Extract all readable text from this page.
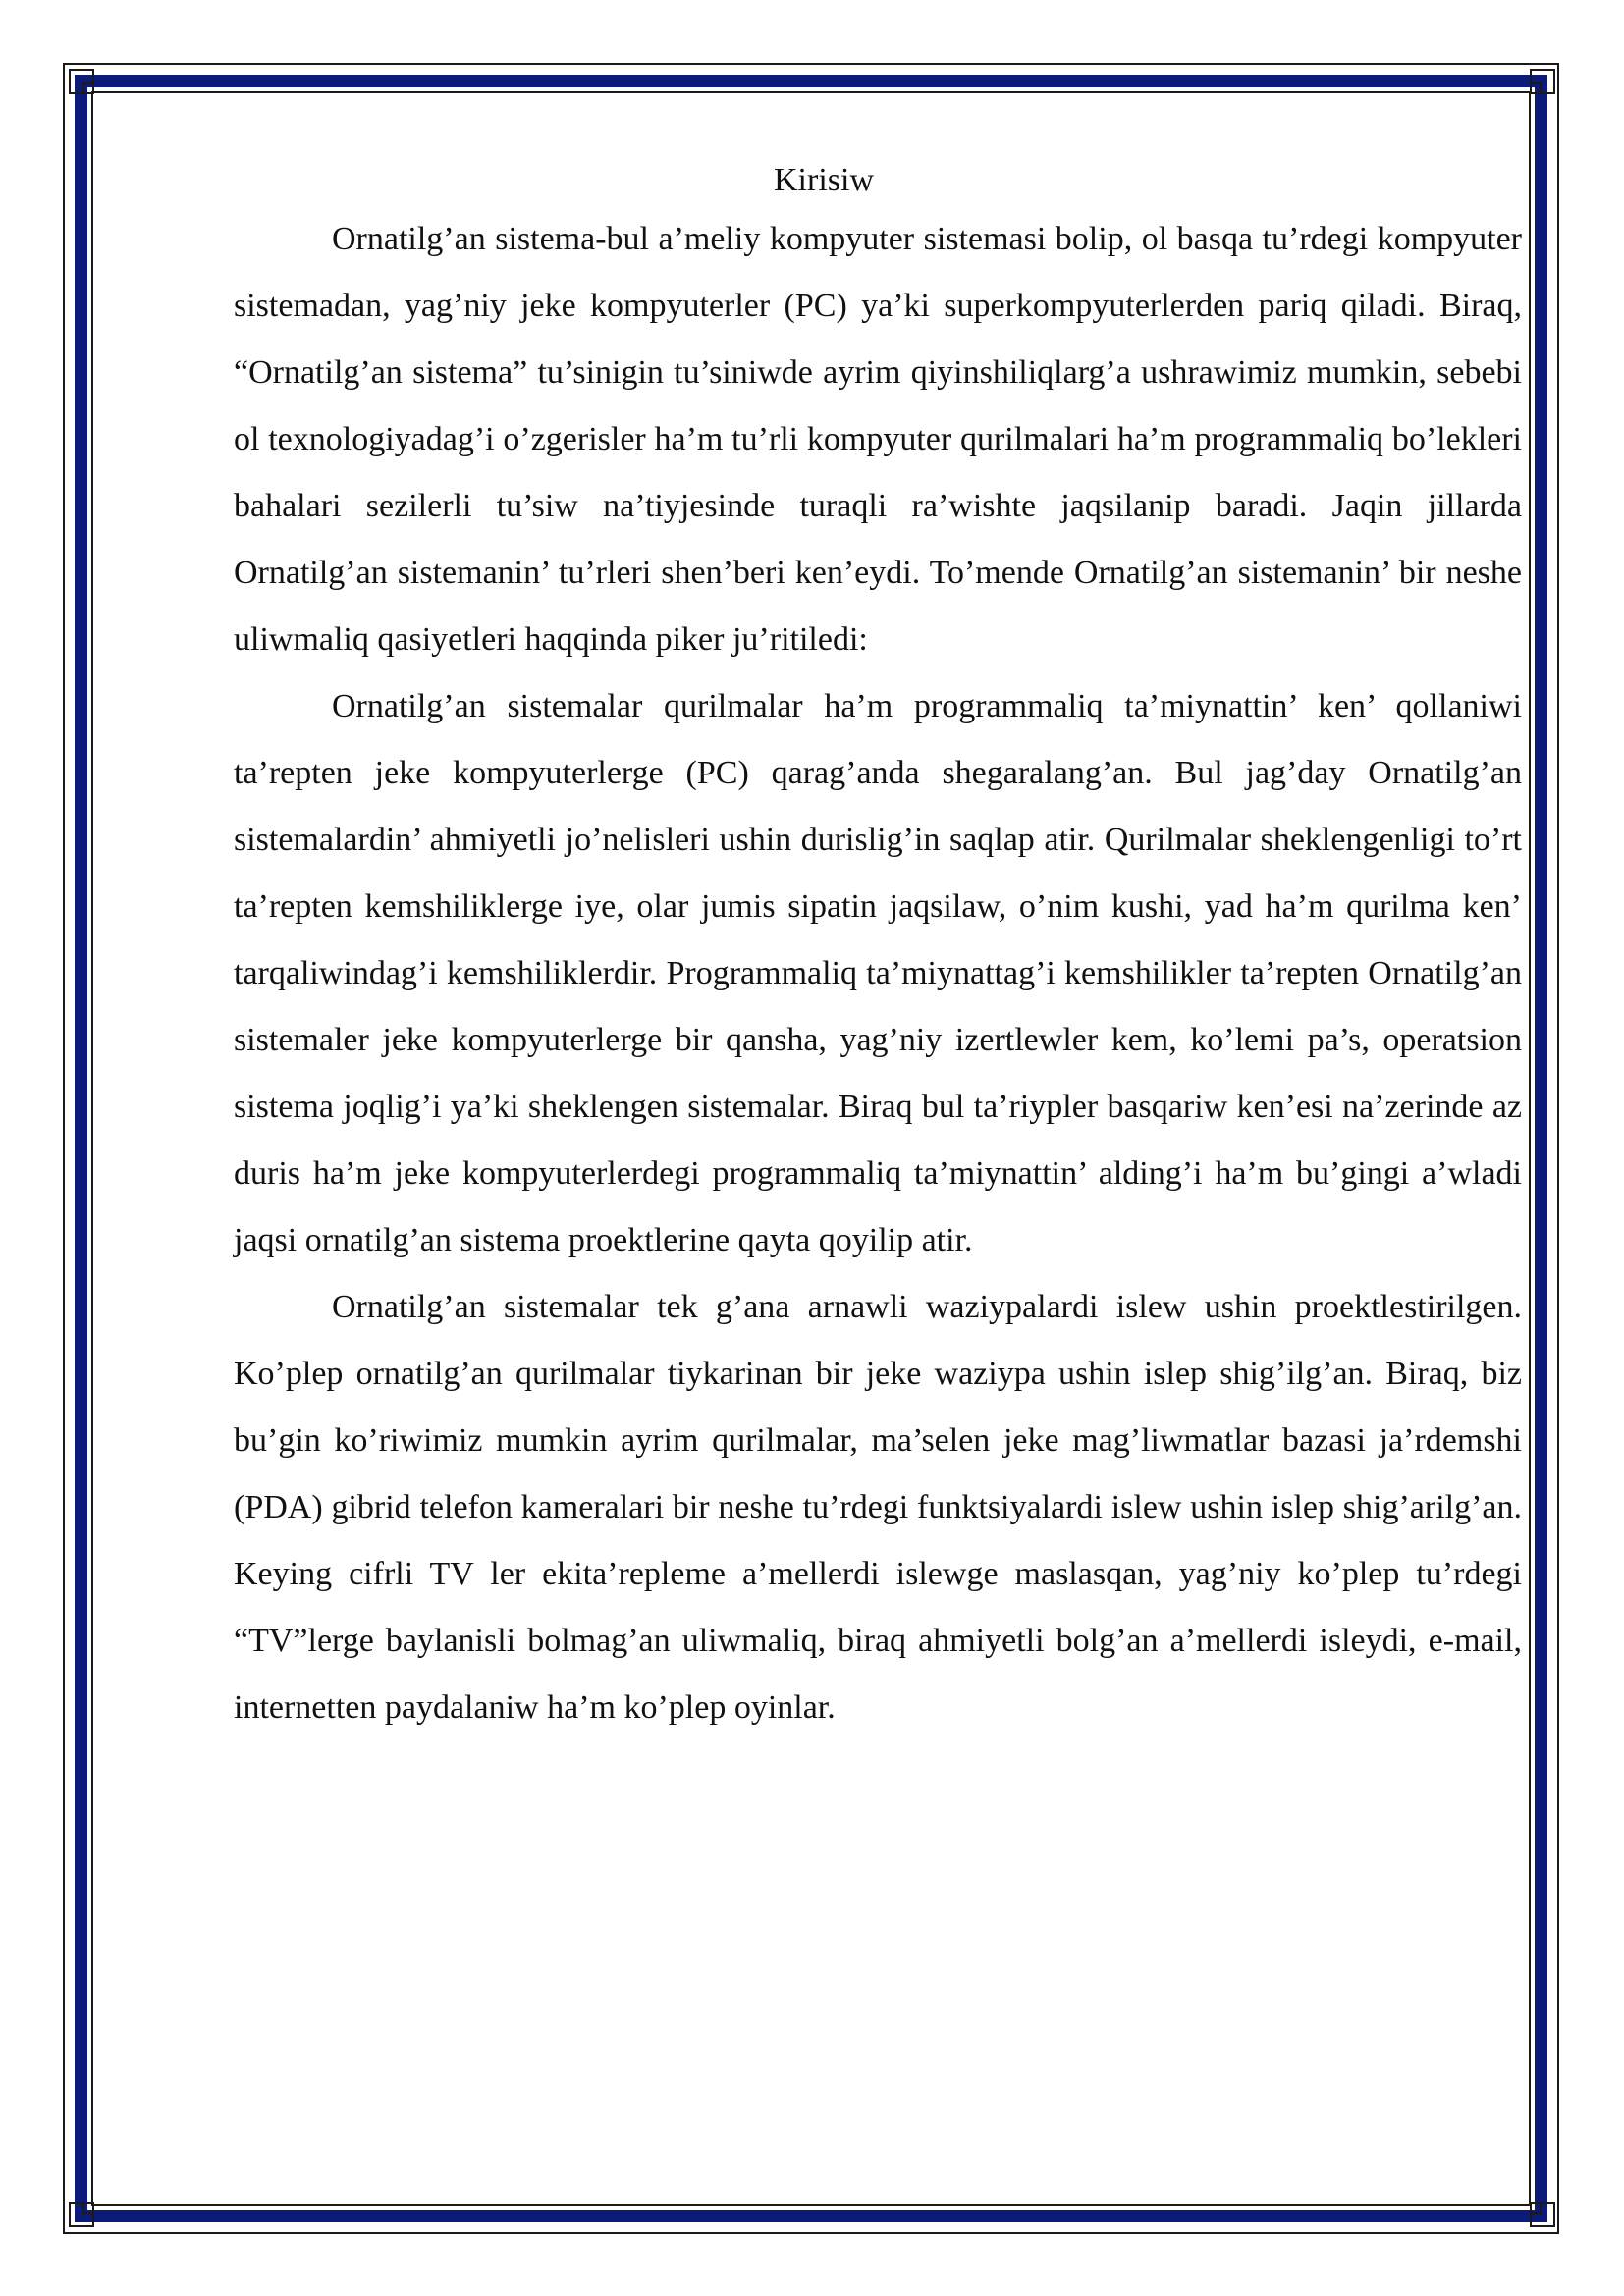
Kirisiw

Ornatilg’an sistema-bul a’meliy kompyuter sistemasi bolip, ol basqa tu’rdegi kompyuter sistemadan, yag’niy jeke kompyuterler (PC) ya’ki superkompyuterlerden pariq qiladi. Biraq, “Ornatilg’an sistema” tu’sinigin tu’siniwde ayrim qiyinshiliqlarg’a ushrawimiz mumkin, sebebi ol texnologiyadag’i o’zgerisler ha’m tu’rli kompyuter qurilmalari ha’m programmaliq bo’lekleri bahalari sezilerli tu’siw na’tiyjesinde turaqli ra’wishte jaqsilanip baradi. Jaqin jillarda Ornatilg’an sistemanin’ tu’rleri shen’beri ken’eydi. To’mende Ornatilg’an sistemanin’ bir neshe uliwmaliq qasiyetleri haqqinda piker ju’ritiledi:

Ornatilg’an sistemalar qurilmalar ha’m programmaliq ta’miynattin’ ken’ qollaniwi ta’repten jeke kompyuterlerge (PC) qarag’anda shegaralang’an. Bul jag’day Ornatilg’an sistemalardin’ ahmiyetli jo’nelisleri ushin durislig’in saqlap atir. Qurilmalar sheklengenligi to’rt ta’repten kemshiliklerge iye, olar jumis sipatin jaqsilaw, o’nim kushi, yad ha’m qurilma ken’ tarqaliwindag’i kemshiliklerdir. Programmaliq ta’miynattag’i kemshilikler ta’repten Ornatilg’an sistemaler jeke kompyuterlerge bir qansha, yag’niy izertlewler kem, ko’lemi pa’s, operatsion sistema joqlig’i ya’ki sheklengen sistemalar. Biraq bul ta’riypler basqariw ken’esi na’zerinde az duris ha’m jeke kompyuterlerdegi programmaliq ta’miynattin’ alding’i ha’m bu’gingi a’wladi jaqsi ornatilg’an sistema proektlerine qayta qoyilip atir.

Ornatilg’an sistemalar tek g’ana arnawli waziypalardi islew ushin proektlestirilgen. Ko’plep ornatilg’an qurilmalar tiykarinan bir jeke waziypa ushin islep shig’ilg’an. Biraq, biz bu’gin ko’riwimiz mumkin ayrim qurilmalar, ma’selen jeke mag’liwmatlar bazasi ja’rdemshi (PDA) gibrid telefon kameralari bir neshe tu’rdegi funktsiyalardi islew ushin islep shig’arilg’an. Keying cifrli TV ler ekita’repleme a’mellerdi islewge maslasqan, yag’niy ko’plep tu’rdegi “TV”lerge baylanisli bolmag’an uliwmaliq, biraq ahmiyetli bolg’an a’mellerdi isleydi, e-mail, internetten paydalaniw ha’m ko’plep oyinlar.
